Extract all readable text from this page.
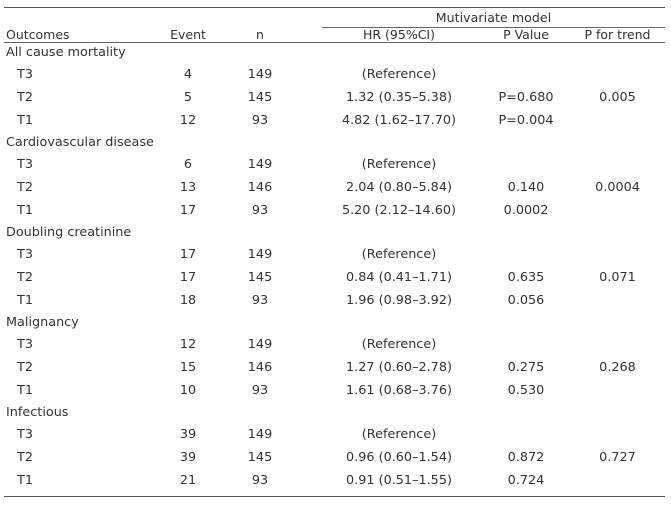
Mutivariate model
Outcomes	Event	n	HR (95%CI)	P Value	P for trend
All cause mortality
T3	4	149	(Reference)
T2	5	145	1.32 (0.35–5.38)	P=0.680	0.005
T1	12	93	4.82 (1.62–17.70)	P=0.004
Cardiovascular disease
T3	6	149	(Reference)
T2	13	146	2.04 (0.80–5.84)	0.140	0.0004
T1	17	93	5.20 (2.12–14.60)	0.0002
Doubling creatinine
T3	17	149	(Reference)
T2	17	145	0.84 (0.41–1.71)	0.635	0.071
T1	18	93	1.96 (0.98–3.92)	0.056
Malignancy
T3	12	149	(Reference)
T2	15	146	1.27 (0.60–2.78)	0.275	0.268
T1	10	93	1.61 (0.68–3.76)	0.530
Infectious
T3	39	149	(Reference)
T2	39	145	0.96 (0.60–1.54)	0.872	0.727
T1	21	93	0.91 (0.51–1.55)	0.724
